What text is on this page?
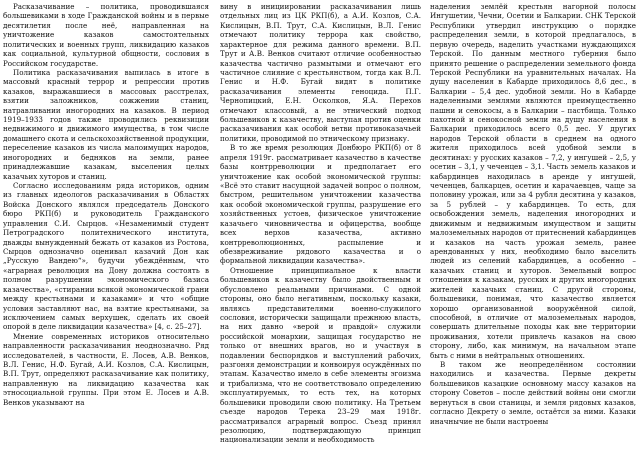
Расказачивание – политика, проводившаяся большевиками в ходе Гражданской войны и в первые десятилетия после неё, направленная на уничтожение казаков самостоятельных политических и военных групп, ликвидацию казаков как социальной, культурной общности, сословия в Российском государстве.

Политика расказачивания выпилась в итоге в массовый красный террор и репрессии против казаков, выражавшиеся в массовых расстрелах, взятии заложников, сожжении станиц, натравливании иногородних на казаков. В период 1919–1933 годов также проводились реквизиции недвижимого и движимого имущества, в том числе домашнего скота и сельскохозяйственной продукции, переселение казаков из числа малоимущих народов, иногородних и бедняков на земли, ранее принадлежавшие казакам, выселения целых казачьих хуторов и станиц.

Согласно исследованиям ряда историков, одним из главных идеологов расказачивания в Областях Войска Донского являлся председатель Донского бюро РКП(б) и руководитель Гражданского управления С.И. Сырцов. «Незаменимый студент Петроградского политехнического института, дважды вынужденный бежать от казаков из Ростова, Сырцов однозначно оценивал казачий Дон как „Русскую Вандею“», будучи убеждённым, что «аграрная революция на Дону должна состоять в полном разрушении экономического базиса казачества», «стирании всякой экономической грани между крестьянами и казаками» и что «общие условия заставляют нас, на взятие крестьянами, за исключением самых верхушек, сделать их своей опорой в деле ликвидации казачества» [4, с. 25–27].

Мнение современных историков относительно направленности расказачивания неоднозначно. Ряд исследователей, в частности, Е. Лосев, А.В. Венков, В.Л. Генис, Н.Ф. Бугай, А.И. Козлов, С.А. Кислицын, В.П. Трут, определяют расказачивание как политику, направленную на ликвидацию казачества как этносоциальной группы. При этом Е. Лосев и А.В. Венков указывают на

вину в инициировании расказачивания лишь отдельных лиц из ЦК РКП(б), а А.И. Козлов, С.А. Кислицын, В.П. Трут, С.А. Кислицын, В.Л. Генис отмечают политику террора как свойство, характерное для режима данного времени. В.П. Трут и А.В. Венков считают отличие особенностью казачества частично размытыми и отмечают его частичное слияние с крестьянством, тогда как В.Л. Генис и Н.Ф. Бугай видят в политике расказачивания элементы геноцида. П.Г. Чернопицкий, Е.Н. Осколков, Я.А. Перехов отмечают классовый, а не этнический подход большевиков к казачеству, выступая против оценки расказачивания как особой ветви противоказачьей политики, проводимой по этническому признаку.

В то же время резолюция Донбюро РКП(б) от 8 апреля 1919г. рассматривает казачество в качестве базы контрреволюции и предполагает его уничтожение как особой экономической группы: «Всё это ставит насущной задачей вопрос о полном, быстром, решительном уничтожении казачества как особой экономической группы, разрушение его хозяйственных устоев, физическое уничтожение казачьего чиновничества и офицерства, вообще всех верхов казачества, активно контрреволюционных, распыление и обезвреживание рядового казачества и о формальной ликвидации казачества».

Отношение принципиальное к власти большевиков к казачеству было двойственным и обусловлено реальными причинами. С одной стороны, оно было негативным, поскольку казаки, являясь представителями военно-служилого сословия, исторически защищали прежнюю власть, на них давно «верой и правдой» служили российской монархии, защищая государство не только от внешних врагов, но и участвуя в подавлении беспорядков и выступлений рабочих, разгоняя демонстрации и конвоируя осуждённых по этапам. Казачество имело в себе элементы эгоизма и трибализма, что не соответствовало определению эксплуатируемых, то есть тех, на которых большевики проводили свою политику. На Третьем съезде народов Терека 23–29 мая 1918г. рассматривался аграрный вопрос. Съезд принял резолюцию, подтверждающую принцип национализации земли и необходимость

наделения землёй крестьян нагорной полосы Ингушетии, Чечни, Осетии и Балкарии. СНК Терской Республики утвердил инструкцию о порядке распределения земли, в которой предлагалось, в первую очередь, наделить участками нуждающихся Терской. По данным местного губерния было принято решение о распределении земельного фонда Терской Республики на уравнительных началах. На душу населения в Кабарде приходилось 8,6 дес., в Балкарии – 5,4 дес. удобной земли. Но в Кабарде наделенными землями являются преимущественно пашни и сенокосы, а в Балкарии – пастбища. Только пахотной и сенокосной земли на душу населения в Балкарии приходилось всего 0,5 дес. У других народов Терской области в среднем на одного жителя приходилось всей удобной земли в десятинах: у русских казаков – 7,2, у ингушей – 2,5, у осетин – 3,1, у чеченцев – 3,1. Часть земель казаков и кабардинцев находилась в аренде у ингушей, чеченцев, балкарцев, осетин и карачаевцев, чаще за половину урожая, или за 4 рубля десятина у казаков, за 5 рублей – у кабардинцев. То есть, для освобождения земель, наделения иногородних и движимым и недвижимым имуществом и защиты малоземельных народов от притеснений кабардинцев и казаков на часть урожая земель, ранее арендованных у них, необходимо было выселить людей из селений кабардинцев, а особенно – казачьих станиц и хуторов. Земельный вопрос отношения к казакам, русских и других иногородних жителей казачьих станиц. С другой стороны, большевики, понимая, что казачество является хорошо организованной вооружённой силой, способной, в отличие от малоземельных народов, совершать длительные походы как вне территории проживания, хотели привлечь казаков на свою сторону, либо, как минимум, на начальном этапе быть с ними в нейтральных отношениях.

В таком же неопределённом состоянии находились и казачества. Первые декреты большевиков казацкие основному массу казаков на сторону Советов – после действий войны они смогли вернуться в свои станицы, и земля рядовых казаков, согласно Декрету о земле, остаётся за ними. Казаки иначнычие не были настроены
